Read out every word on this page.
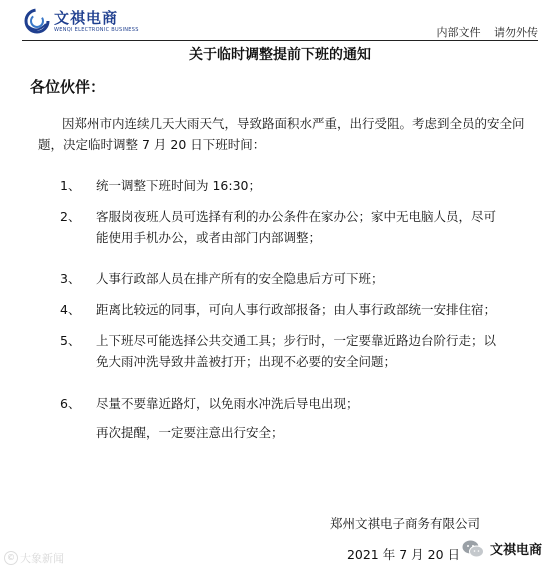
文祺电商
WENQI ELECTRONIC BUSINESS	内部文件 请勿外传
关于临时调整提前下班的通知
各位伙伴：
因郑州市内连续几天大雨天气，导致路面积水严重，出行受阻。考虑到全员的安全问题，决定临时调整 7 月 20 日下班时间：
1、 统一调整下班时间为 16:30；
2、 客服岗夜班人员可选择有利的办公条件在家办公；家中无电脑人员，尽可能使用手机办公，或者由部门内部调整；
3、 人事行政部人员在排产所有的安全隐患后方可下班；
4、 距离比较远的同事，可向人事行政部报备；由人事行政部统一安排住宿；
5、 上下班尽可能选择公共交通工具；步行时，一定要靠近路边台阶行走；以免大雨冲洗导致井盖被打开；出现不必要的安全问题；
6、 尽量不要靠近路灯，以免雨水冲洗后导电出现；
再次提醒，一定要注意出行安全；
郑州文祺电子商务有限公司
2021 年 7 月 20 日
© 大象新闻
文祺电商
